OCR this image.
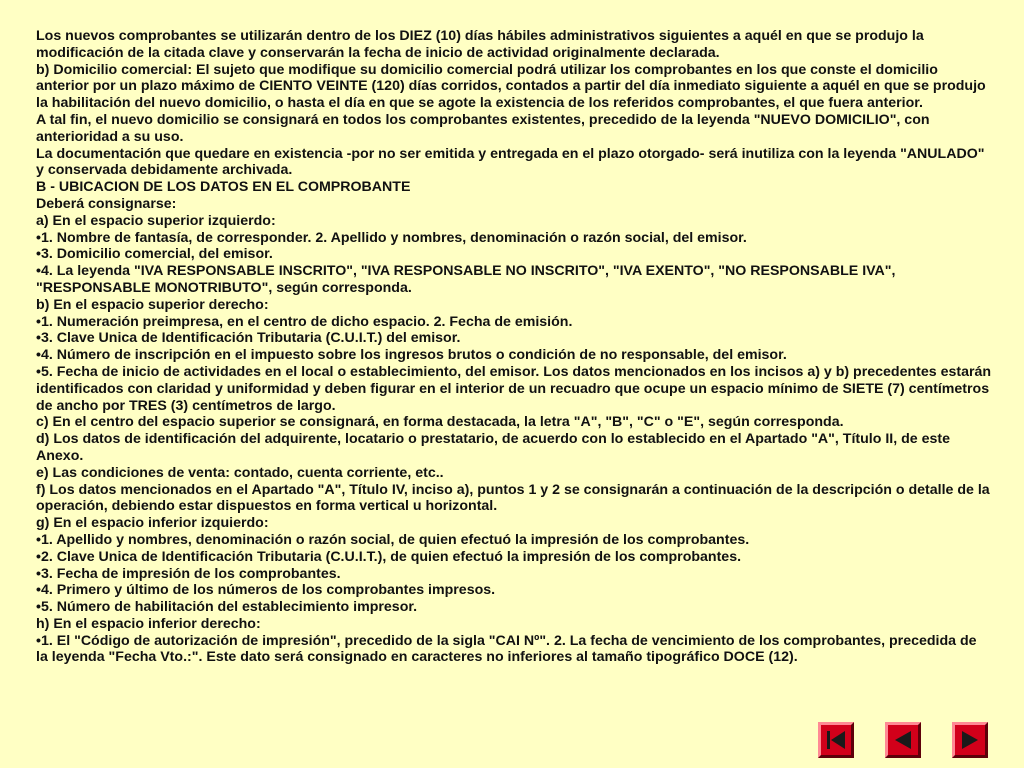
Los nuevos comprobantes se utilizarán dentro de los DIEZ (10) días hábiles administrativos siguientes a aquél en que se produjo la modificación de la citada clave y conservarán la fecha de inicio de actividad originalmente declarada.

b) Domicilio comercial: El sujeto que modifique su domicilio comercial podrá utilizar los comprobantes en los que conste el domicilio anterior por un plazo máximo de CIENTO VEINTE (120) días corridos, contados a partir del día inmediato siguiente a aquél en que se produjo la habilitación del nuevo domicilio, o hasta el día en que se agote la existencia de los referidos comprobantes, el que fuera anterior.

A tal fin, el nuevo domicilio se consignará en todos los comprobantes existentes, precedido de la leyenda "NUEVO DOMICILIO", con anterioridad a su uso.

La documentación que quedare en existencia -por no ser emitida y entregada en el plazo otorgado- será inutiliza con la leyenda "ANULADO" y conservada debidamente archivada.

B - UBICACION DE LOS DATOS EN EL COMPROBANTE

Deberá consignarse:

a) En el espacio superior izquierdo:

•1. Nombre de fantasía, de corresponder. 2. Apellido y nombres, denominación o razón social, del emisor.

•3. Domicilio comercial, del emisor.

•4. La leyenda "IVA RESPONSABLE INSCRITO", "IVA RESPONSABLE NO INSCRITO", "IVA EXENTO", "NO RESPONSABLE IVA", "RESPONSABLE MONOTRIBUTO", según corresponda.

b) En el espacio superior derecho:

•1. Numeración preimpresa, en el centro de dicho espacio. 2. Fecha de emisión.

•3. Clave Unica de Identificación Tributaria (C.U.I.T.) del emisor.

•4. Número de inscripción en el impuesto sobre los ingresos brutos o condición de no responsable, del emisor.

•5. Fecha de inicio de actividades en el local o establecimiento, del emisor. Los datos mencionados en los incisos a) y b) precedentes estarán identificados con claridad y uniformidad y deben figurar en el interior de un recuadro que ocupe un espacio mínimo de SIETE (7) centímetros de ancho por TRES (3) centímetros de largo.

c) En el centro del espacio superior se consignará, en forma destacada, la letra "A", "B", "C" o "E", según corresponda.

d) Los datos de identificación del adquirente, locatario o prestatario, de acuerdo con lo establecido en el Apartado "A", Título II, de este Anexo.

e) Las condiciones de venta: contado, cuenta corriente, etc..

f) Los datos mencionados en el Apartado "A", Título IV, inciso a), puntos 1 y 2 se consignarán a continuación de la descripción o detalle de la operación, debiendo estar dispuestos en forma vertical u horizontal.

g) En el espacio inferior izquierdo:

•1. Apellido y nombres, denominación o razón social, de quien efectuó la impresión de los comprobantes.

•2. Clave Unica de Identificación Tributaria (C.U.I.T.), de quien efectuó la impresión de los comprobantes.

•3. Fecha de impresión de los comprobantes.

•4. Primero y último de los números de los comprobantes impresos.

•5. Número de habilitación del establecimiento impresor.

h) En el espacio inferior derecho:

•1. El "Código de autorización de impresión", precedido de la sigla "CAI Nº". 2. La fecha de vencimiento de los comprobantes, precedida de la leyenda "Fecha Vto.:". Este dato será consignado en caracteres no inferiores al tamaño tipográfico DOCE (12).
